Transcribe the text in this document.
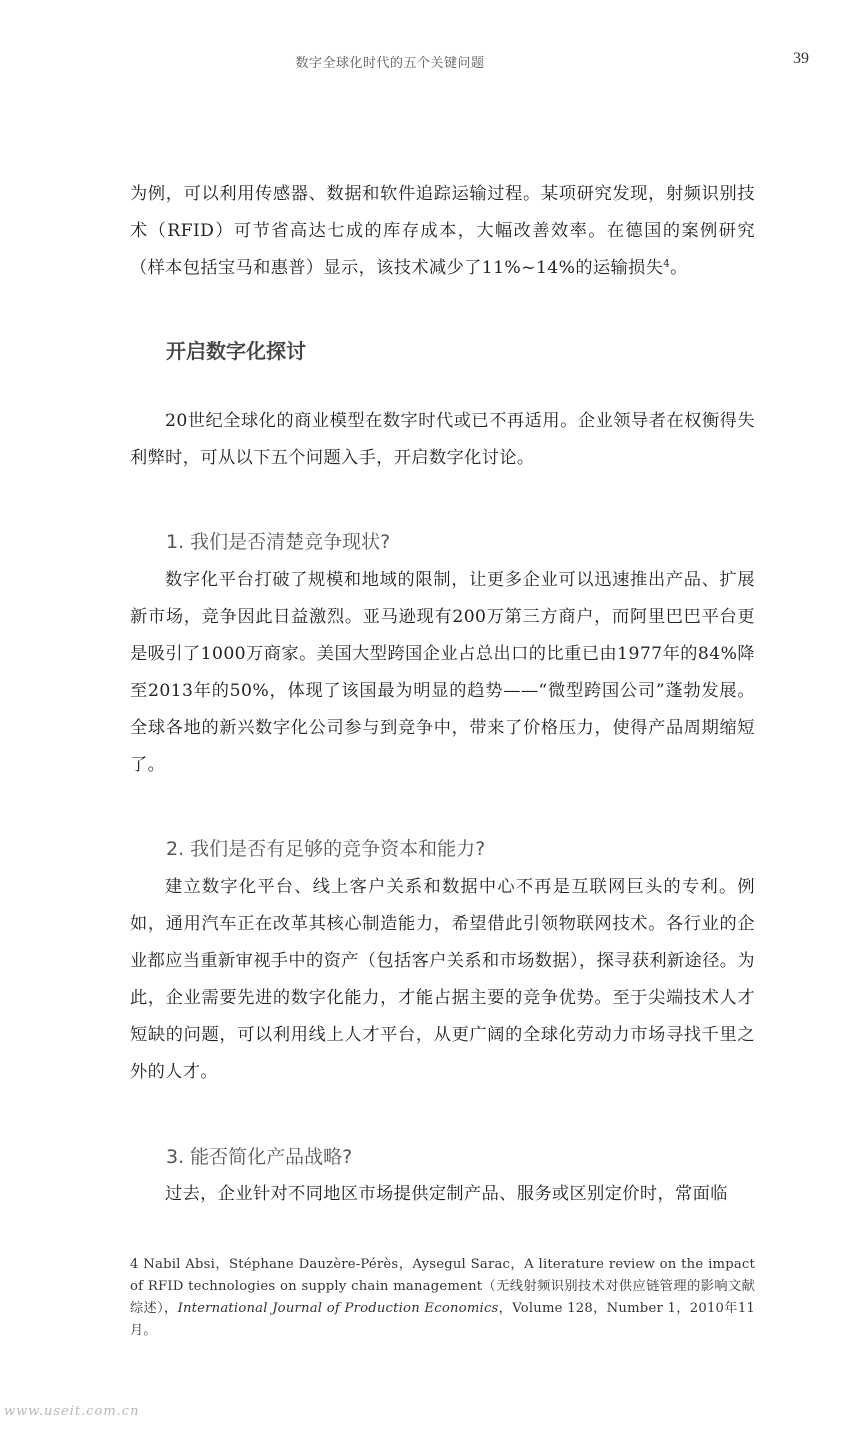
数字全球化时代的五个关键问题	39

为例，可以利用传感器、数据和软件追踪运输过程。某项研究发现，射频识别技术（RFID）可节省高达七成的库存成本，大幅改善效率。在德国的案例研究（样本包括宝马和惠普）显示，该技术减少了11%~14%的运输损失$^4$。

开启数字化探讨

20世纪全球化的商业模型在数字时代或已不再适用。企业领导者在权衡得失利弊时，可从以下五个问题入手，开启数字化讨论。

1. 我们是否清楚竞争现状?

数字化平台打破了规模和地域的限制，让更多企业可以迅速推出产品、扩展新市场，竞争因此日益激烈。亚马逊现有200万第三方商户，而阿里巴巴平台更是吸引了1000万商家。美国大型跨国企业占总出口的比重已由1977年的84%降至2013年的50%，体现了该国最为明显的趋势——“微型跨国公司”蓬勃发展。全球各地的新兴数字化公司参与到竞争中，带来了价格压力，使得产品周期缩短了。

2. 我们是否有足够的竞争资本和能力?

建立数字化平台、线上客户关系和数据中心不再是互联网巨头的专利。例如，通用汽车正在改革其核心制造能力，希望借此引领物联网技术。各行业的企业都应当重新审视手中的资产（包括客户关系和市场数据），探寻获利新途径。为此，企业需要先进的数字化能力，才能占据主要的竞争优势。至于尖端技术人才短缺的问题，可以利用线上人才平台，从更广阔的全球化劳动力市场寻找千里之外的人才。

3. 能否简化产品战略?

过去，企业针对不同地区市场提供定制产品、服务或区别定价时，常面临

4 Nabil Absi，Stéphane Dauzère-Pérès，Aysegul Sarac，A literature review on the impact of RFID technologies on supply chain management（无线射频识别技术对供应链管理的影响文献综述），International Journal of Production Economics，Volume 128，Number 1，2010年11月。
www.useit.com.cn
